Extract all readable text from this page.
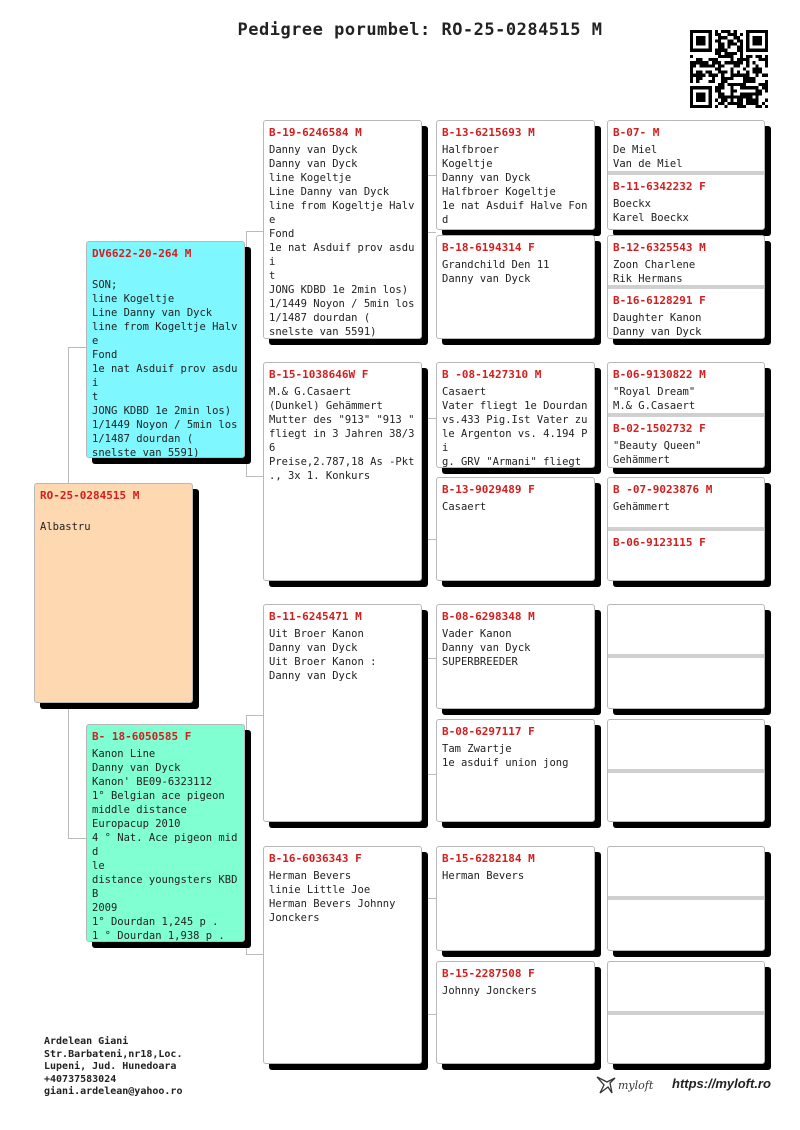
Pedigree porumbel: RO-25-0284515 M
RO-25-0284515 M
Albastru
DV6622-20-264 M
SON;
line Kogeltje
Line Danny van Dyck
line from Kogeltje Halve
Fond
1e nat Asduif prov asdui
t
JONG KDBD 1e 2min los)
1/1449 Noyon / 5min los
1/1487 dourdan (
snelste van 5591)
B- 18-6050585 F
Kanon Line
Danny van Dyck
Kanon' BE09-6323112
1° Belgian ace pigeon
middle distance
Europacup 2010
4 ° Nat. Ace pigeon midd
le
distance youngsters KBDB
2009
1° Dourdan 1,245 p .
1 ° Dourdan 1,938 p .
B-19-6246584 M
Danny van Dyck
Danny van Dyck
line Kogeltje
Line Danny van Dyck
line from Kogeltje Halve
Fond
1e nat Asduif prov asdui
t
JONG KDBD 1e 2min los)
1/1449 Noyon / 5min los
1/1487 dourdan (
snelste van 5591)
B-15-1038646W F
M.& G.Casaert
(Dunkel) Gehämmert
Mutter des "913" "913 "
fliegt in 3 Jahren 38/36
Preise,2.787,18 As -Pkt
., 3x 1. Konkurs
B-11-6245471 M
Uit Broer Kanon
Danny van Dyck
Uit Broer Kanon :
Danny van Dyck
B-16-6036343 F
Herman Bevers
linie Little Joe
Herman Bevers Johnny
Jonckers
B-13-6215693 M
Halfbroer
Kogeltje
Danny van Dyck
Halfbroer Kogeltje
1e nat Asduif Halve Fond
B-18-6194314 F
Grandchild Den 11
Danny van Dyck
B -08-1427310 M
Casaert
Vater fliegt 1e Dourdan
vs.433 Pig.Ist Vater zu
le Argenton vs. 4.194 Pi
g. GRV "Armani" fliegt
B-13-9029489 F
Casaert
B-08-6298348 M
Vader Kanon
Danny van Dyck
SUPERBREEDER
B-08-6297117 F
Tam Zwartje
1e asduif union jong
B-15-6282184 M
Herman Bevers
B-15-2287508 F
Johnny Jonckers
B-07- M
De Miel
Van de Miel
B-11-6342232 F
Boeckx
Karel Boeckx
B-12-6325543 M
Zoon Charlene
Rik Hermans
B-16-6128291 F
Daughter Kanon
Danny van Dyck
B-06-9130822 M
"Royal Dream"
M.& G.Casaert
B-02-1502732 F
"Beauty Queen"
Gehämmert
B -07-9023876 M
Gehämmert
B-06-9123115 F
Ardelean Giani
Str.Barbateni,nr18,Loc.
Lupeni, Jud. Hunedoara
+40737583024
giani.ardelean@yahoo.ro	myloft https://myloft.ro
